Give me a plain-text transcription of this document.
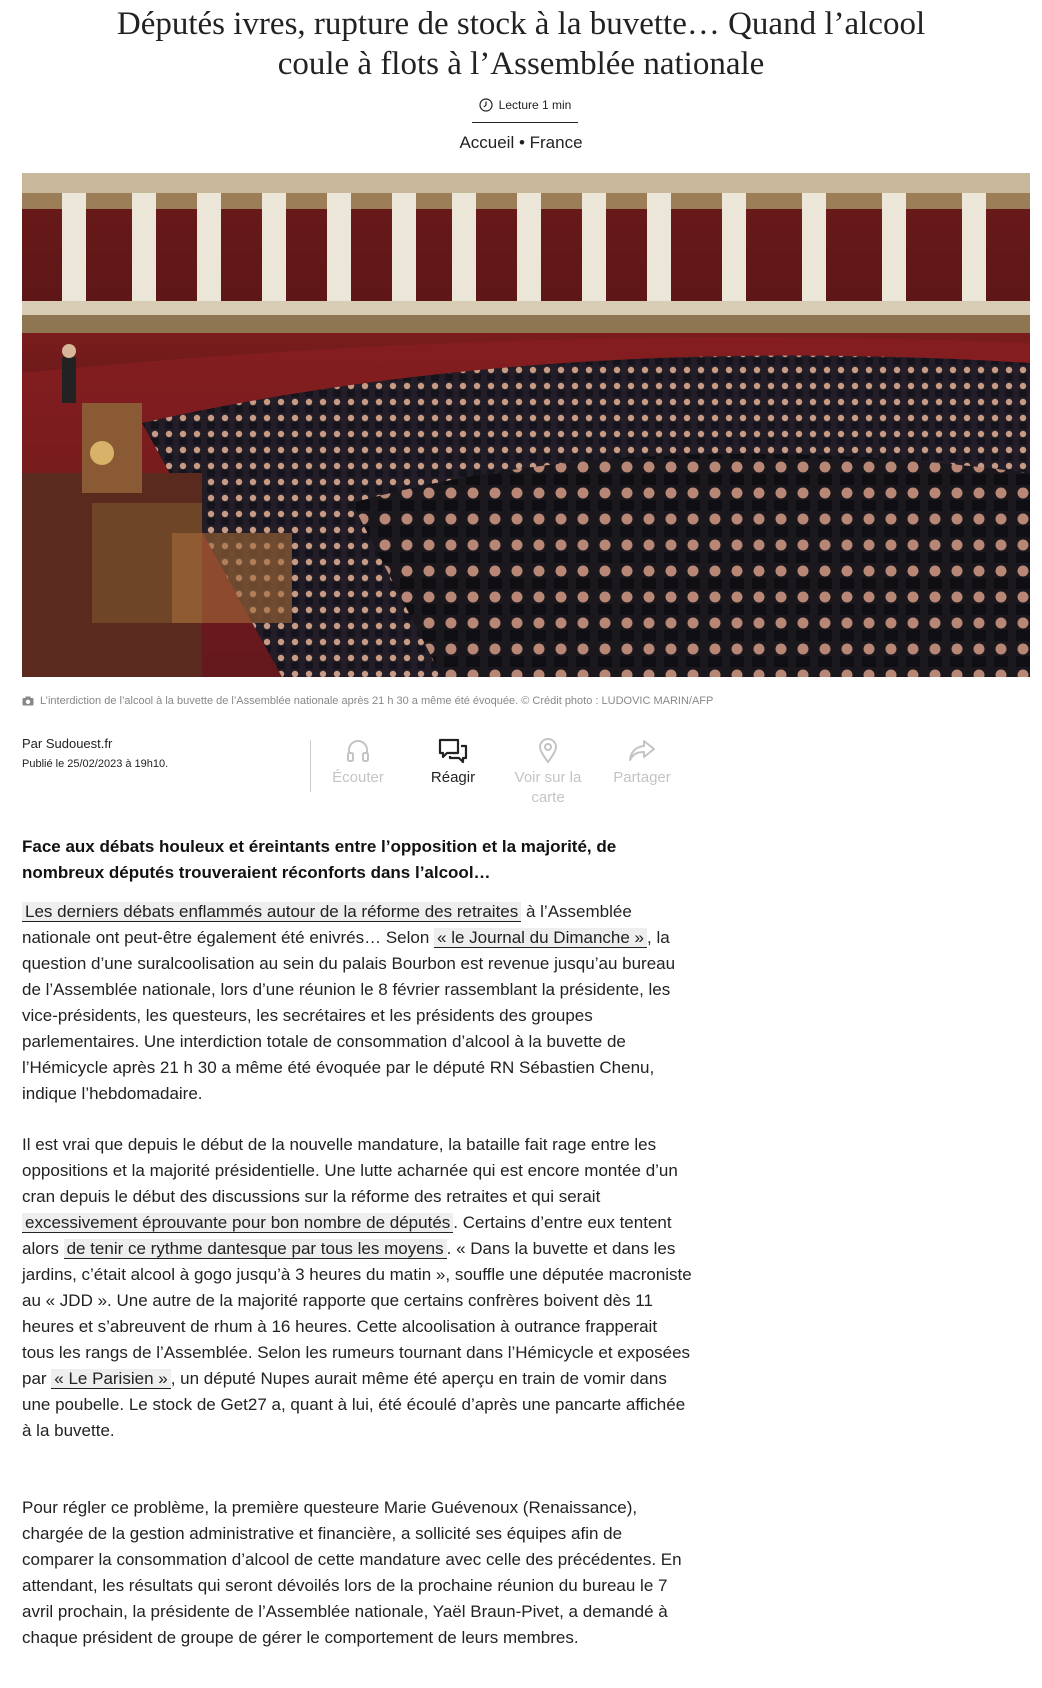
Députés ivres, rupture de stock à la buvette… Quand l’alcool coule à flots à l’Assemblée nationale
Lecture 1 min
Accueil • France
L’interdiction de l’alcool à la buvette de l’Assemblée nationale après 21 h 30 a même été évoquée. © Crédit photo : LUDOVIC MARIN/AFP
Par Sudouest.fr
Publié le 25/02/2023 à 19h10.
Écouter	Réagir	Voir sur la carte
Partager

Face aux débats houleux et éreintants entre l’opposition et la majorité, de nombreux députés trouveraient réconforts dans l’alcool…

Les derniers débats enflammés autour de la réforme des retraites à l’Assemblée nationale ont peut-être également été enivrés… Selon « le Journal du Dimanche » , la question d’une suralcoolisation au sein du palais Bourbon est revenue jusqu’au bureau de l’Assemblée nationale, lors d’une réunion le 8 février rassemblant la présidente, les vice-présidents, les questeurs, les secrétaires et les présidents des groupes parlementaires. Une interdiction totale de consommation d’alcool à la buvette de l’Hémicycle après 21 h 30 a même été évoquée par le député RN Sébastien Chenu, indique l’hebdomadaire.

Il est vrai que depuis le début de la nouvelle mandature, la bataille fait rage entre les oppositions et la majorité présidentielle. Une lutte acharnée qui est encore montée d’un cran depuis le début des discussions sur la réforme des retraites et qui serait excessivement éprouvante pour bon nombre de députés . Certains d’entre eux tentent alors de tenir ce rythme dantesque par tous les moyens . « Dans la buvette et dans les jardins, c’était alcool à gogo jusqu’à 3 heures du matin », souffle une députée macroniste au « JDD ». Une autre de la majorité rapporte que certains confrères boivent dès 11 heures et s’abreuvent de rhum à 16 heures. Cette alcoolisation à outrance frapperait tous les rangs de l’Assemblée. Selon les rumeurs tournant dans l’Hémicycle et exposées par « Le Parisien » , un député Nupes aurait même été aperçu en train de vomir dans une poubelle. Le stock de Get27 a, quant à lui, été écoulé d’après une pancarte affichée à la buvette.

Pour régler ce problème, la première questeure Marie Guévenoux (Renaissance), chargée de la gestion administrative et financière, a sollicité ses équipes afin de comparer la consommation d’alcool de cette mandature avec celle des précédentes. En attendant, les résultats qui seront dévoilés lors de la prochaine réunion du bureau le 7 avril prochain, la présidente de l’Assemblée nationale, Yaël Braun-Pivet, a demandé à chaque président de groupe de gérer le comportement de leurs membres.
